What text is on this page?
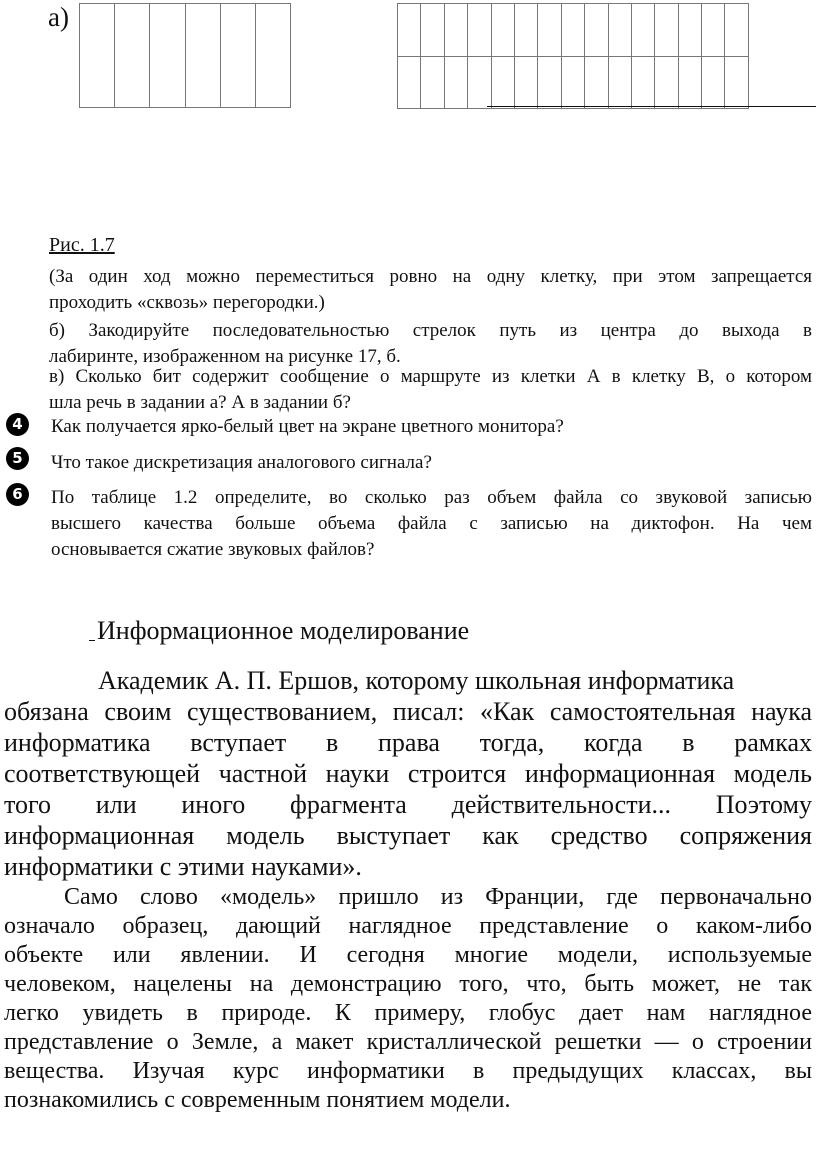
а)

Рис. 1.7
(За один ход можно переместиться ровно на одну клетку, при этом запрещается
проходить «сквозь» перегородки.)
б) Закодируйте последовательностью стрелок путь из центра до выхода в
лабиринте, изображенном на рисунке 17, б.
в) Сколько бит содержит сообщение о маршруте из клетки А в клетку В, о котором
шла речь в задании а? А в задании б?
4	Как получается ярко-белый цвет на экране цветного монитора?
5	Что такое дискретизация аналогового сигнала?
6	По таблице 1.2 определите, во сколько раз объем файла со звуковой записью
высшего качества больше объема файла с записью на диктофон. На чем
основывается сжатие звуковых файлов?
Информационное моделирование
Академик А. П. Ершов, которому школьная информатика
обязана своим существованием, писал: «Как самостоятельная наука
информатика вступает в права тогда, когда в рамках
соответствующей частной науки строится информационная модель
того или иного фрагмента действительности... Поэтому
информационная модель выступает как средство сопряжения
информатики с этими науками».
Само слово «модель» пришло из Франции, где первоначально
означало образец, дающий наглядное представление о каком-либо
объекте или явлении. И сегодня многие модели, используемые
человеком, нацелены на демонстрацию того, что, быть может, не так
легко увидеть в природе. К примеру, глобус дает нам наглядное
представление о Земле, а макет кристаллической решетки — о строении
вещества. Изучая курс информатики в предыдущих классах, вы
познакомились с современным понятием модели.
